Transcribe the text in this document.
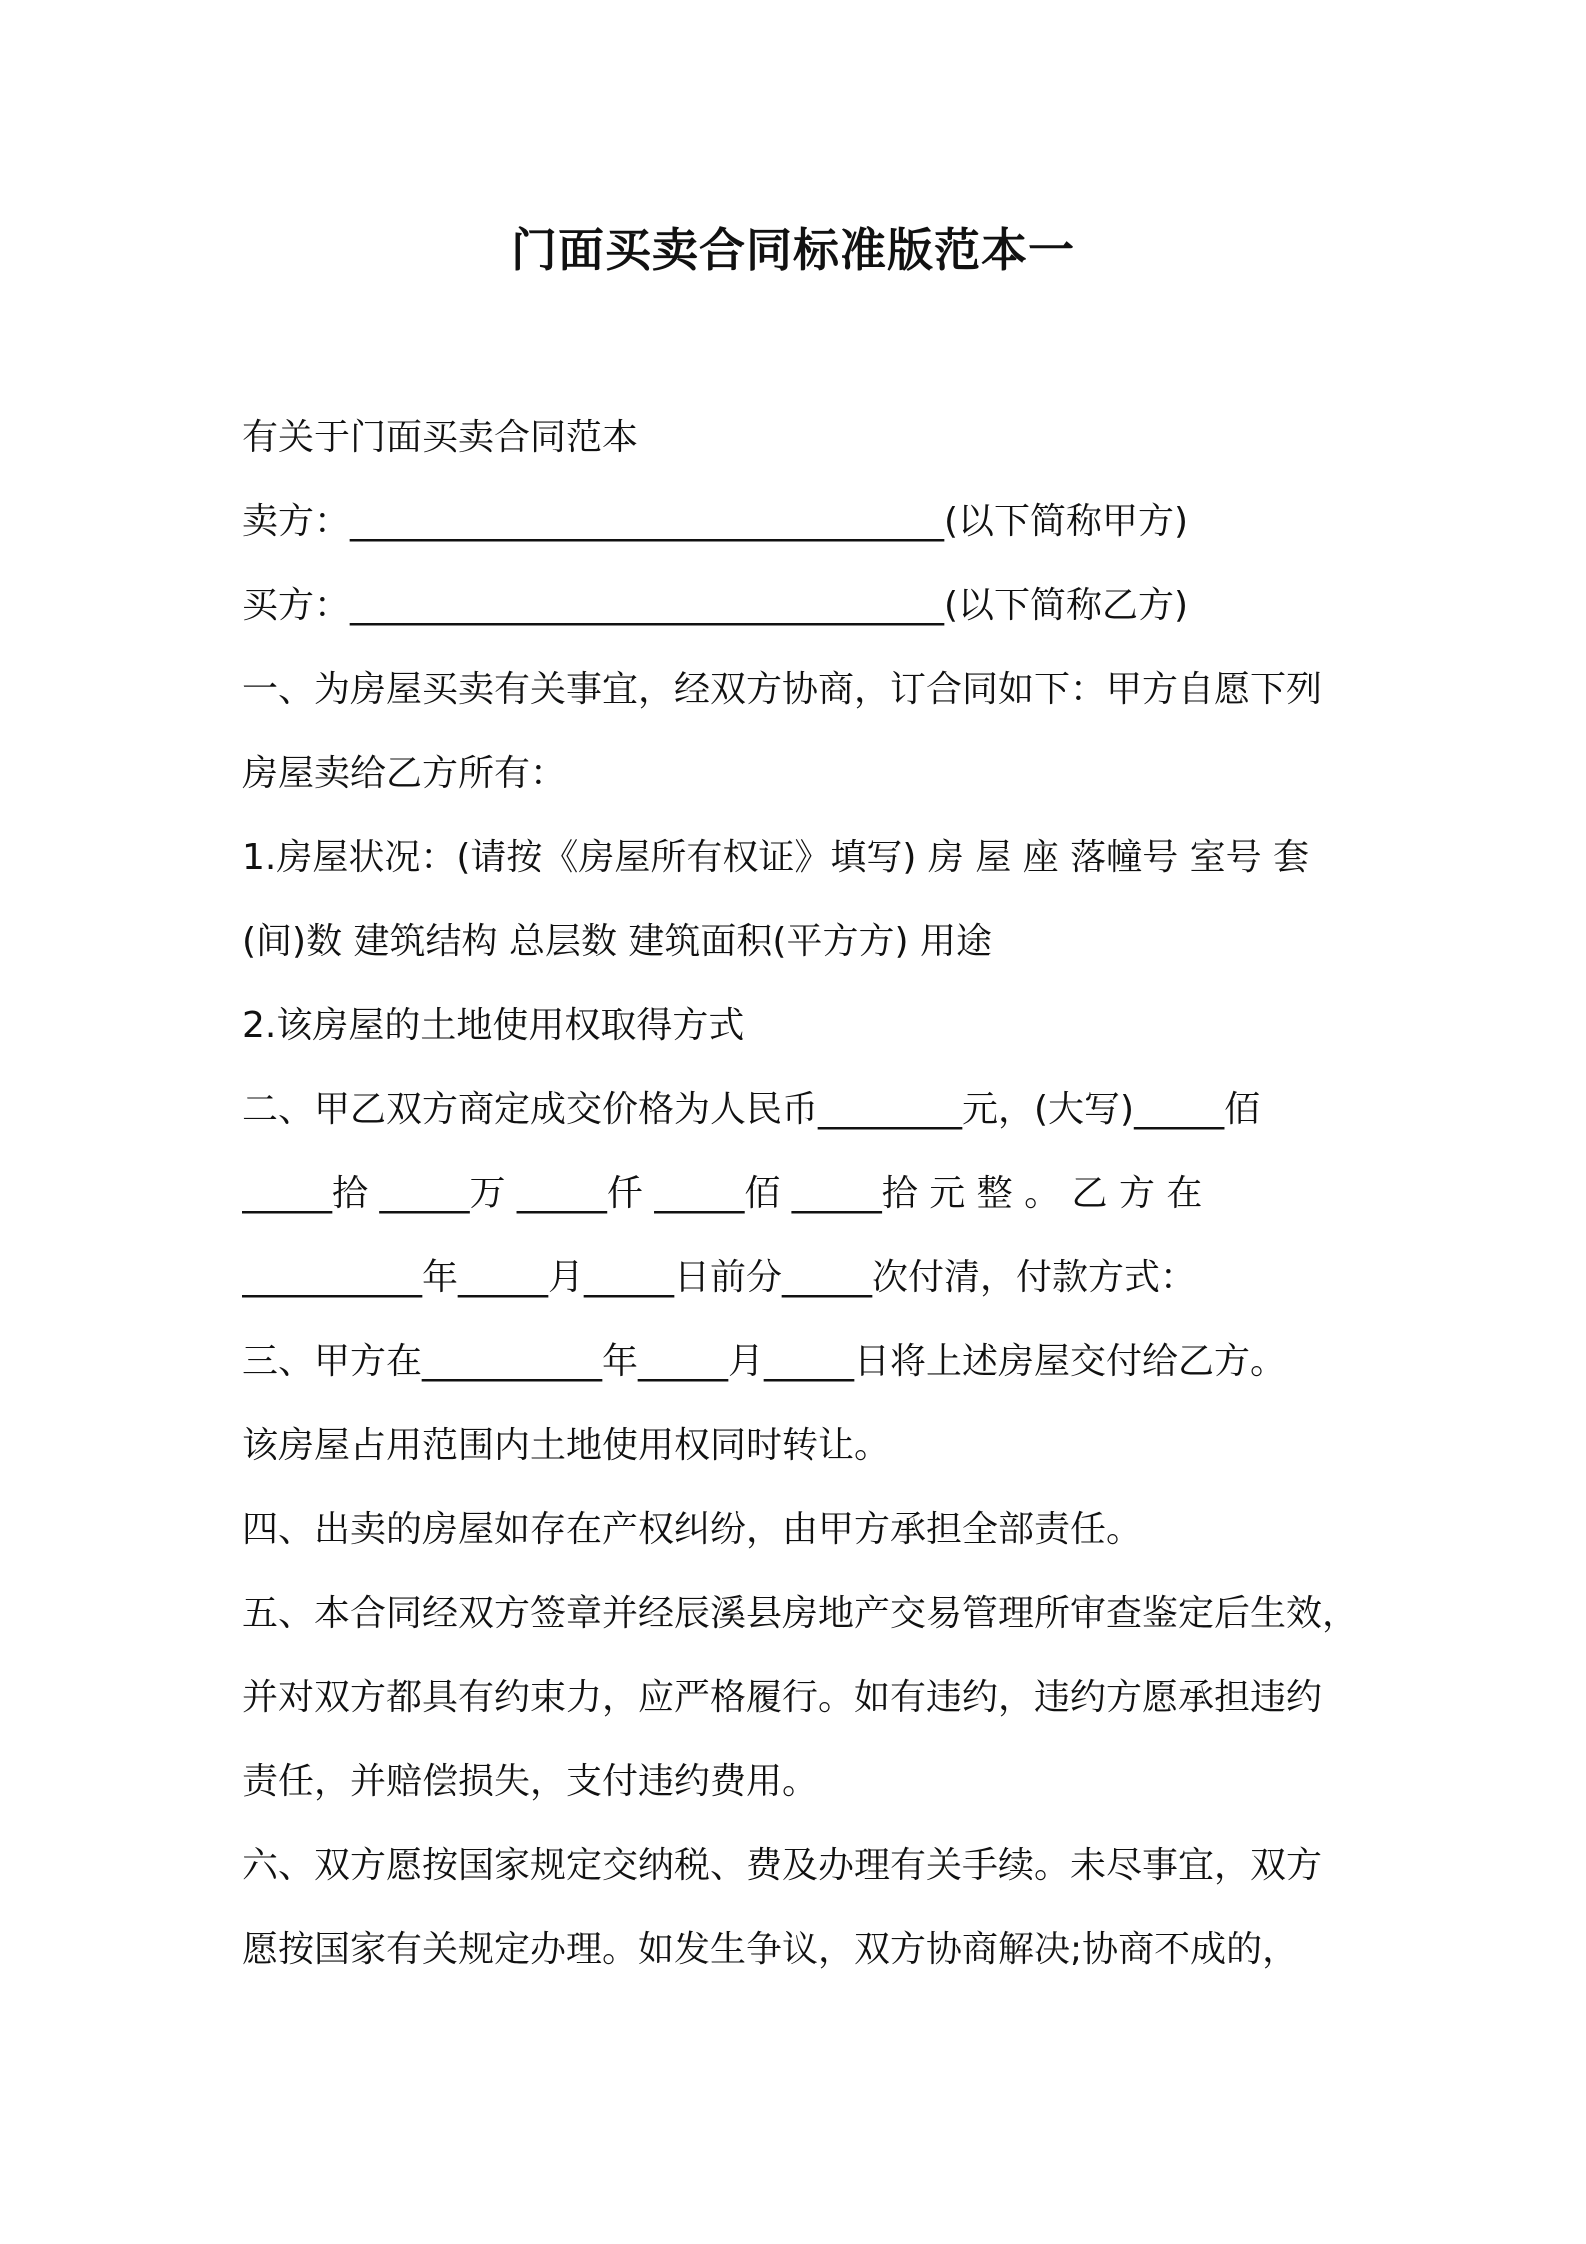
门面买卖合同标准版范本一
有关于门面买卖合同范本
卖方：_________________________________(以下简称甲方)
买方：_________________________________(以下简称乙方)
一、为房屋买卖有关事宜，经双方协商，订合同如下：甲方自愿下列
房屋卖给乙方所有：
1.房屋状况：(请按《房屋所有权证》填写) 房 屋 座 落幢号 室号 套
(间)数 建筑结构 总层数 建筑面积(平方方) 用途
2.该房屋的土地使用权取得方式
二、甲乙双方商定成交价格为人民币________元，(大写)_____佰
_____拾 _____万 _____仟 _____佰 _____拾 元 整 。 乙 方 在
__________年_____月_____日前分_____次付清，付款方式：
三、甲方在__________年_____月_____日将上述房屋交付给乙方。
该房屋占用范围内土地使用权同时转让。
四、出卖的房屋如存在产权纠纷，由甲方承担全部责任。
五、本合同经双方签章并经辰溪县房地产交易管理所审查鉴定后生效，
并对双方都具有约束力，应严格履行。如有违约，违约方愿承担违约
责任，并赔偿损失，支付违约费用。
六、双方愿按国家规定交纳税、费及办理有关手续。未尽事宜，双方
愿按国家有关规定办理。如发生争议，双方协商解决;协商不成的，
